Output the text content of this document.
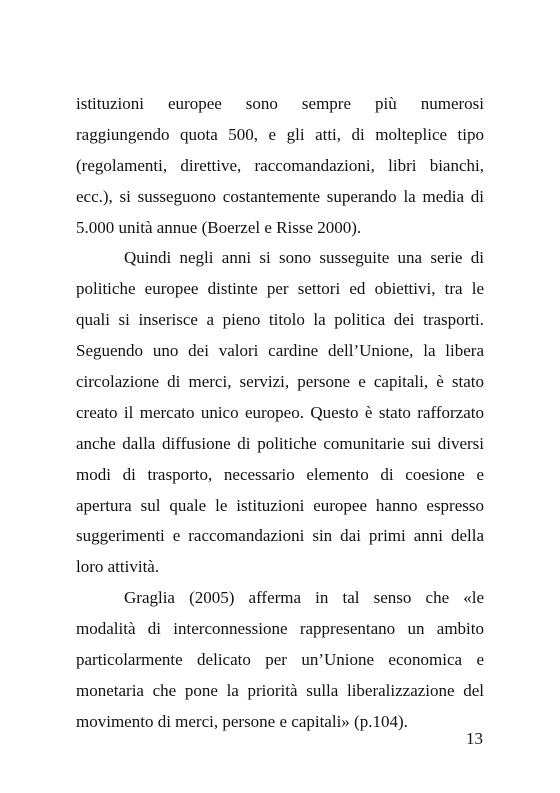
istituzioni europee sono sempre più numerosi
raggiungendo quota 500, e gli atti, di molteplice tipo
(regolamenti, direttive, raccomandazioni, libri bianchi,
ecc.), si susseguono costantemente superando la media di
5.000 unità annue (Boerzel e Risse 2000).
Quindi negli anni si sono susseguite una serie di
politiche europee distinte per settori ed obiettivi, tra le
quali si inserisce a pieno titolo la politica dei trasporti.
Seguendo uno dei valori cardine dell’Unione, la libera
circolazione di merci, servizi, persone e capitali, è stato
creato il mercato unico europeo. Questo è stato rafforzato
anche dalla diffusione di politiche comunitarie sui diversi
modi di trasporto, necessario elemento di coesione e
apertura sul quale le istituzioni europee hanno espresso
suggerimenti e raccomandazioni sin dai primi anni della
loro attività.
Graglia (2005) afferma in tal senso che «le
modalità di interconnessione rappresentano un ambito
particolarmente delicato per un’Unione economica e
monetaria che pone la priorità sulla liberalizzazione del
movimento di merci, persone e capitali» (p.104).
13
